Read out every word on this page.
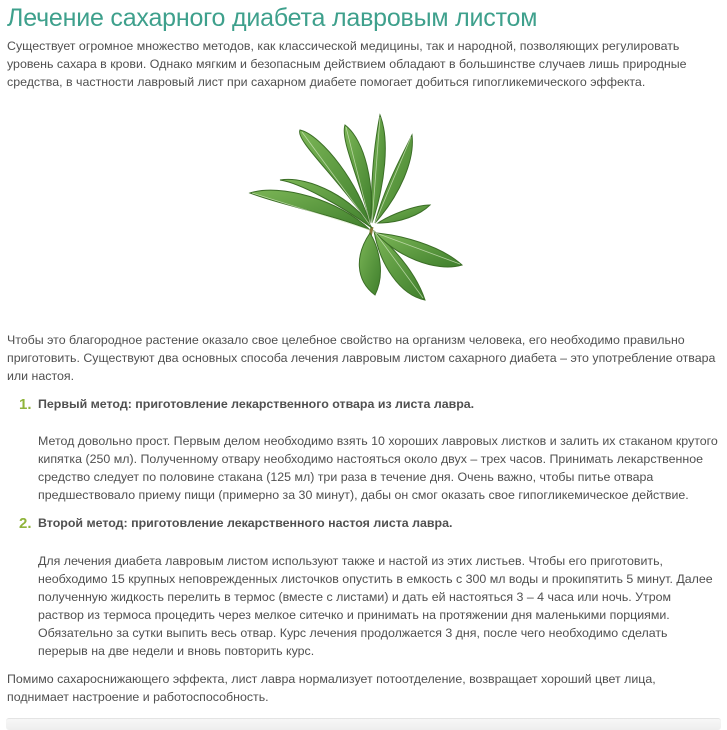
Лечение сахарного диабета лавровым листом

Существует огромное множество методов, как классической медицины, так и народной, позволяющих регулировать уровень сахара в крови. Однако мягким и безопасным действием обладают в большинстве случаев лишь природные средства, в частности лавровый лист при сахарном диабете помогает добиться гипогликемического эффекта.

Чтобы это благородное растение оказало свое целебное свойство на организм человека, его необходимо правильно приготовить. Существуют два основных способа лечения лавровым листом сахарного диабета – это употребление отвара или настоя.

1. Первый метод: приготовление лекарственного отвара из листа лавра.

Метод довольно прост. Первым делом необходимо взять 10 хороших лавровых листков и залить их стаканом крутого кипятка (250 мл). Полученному отвару необходимо настояться около двух – трех часов. Принимать лекарственное средство следует по половине стакана (125 мл) три раза в течение дня. Очень важно, чтобы питье отвара предшествовало приему пищи (примерно за 30 минут), дабы он смог оказать свое гипогликемическое действие.

2. Второй метод: приготовление лекарственного настоя листа лавра.

Для лечения диабета лавровым листом используют также и настой из этих листьев. Чтобы его приготовить, необходимо 15 крупных неповрежденных листочков опустить в емкость с 300 мл воды и прокипятить 5 минут. Далее полученную жидкость перелить в термос (вместе с листами) и дать ей настояться 3 – 4 часа или ночь. Утром раствор из термоса процедить через мелкое ситечко и принимать на протяжении дня маленькими порциями. Обязательно за сутки выпить весь отвар. Курс лечения продолжается 3 дня, после чего необходимо сделать перерыв на две недели и вновь повторить курс.

Помимо сахароснижающего эффекта, лист лавра нормализует потоотделение, возвращает хороший цвет лица, поднимает настроение и работоспособность.
